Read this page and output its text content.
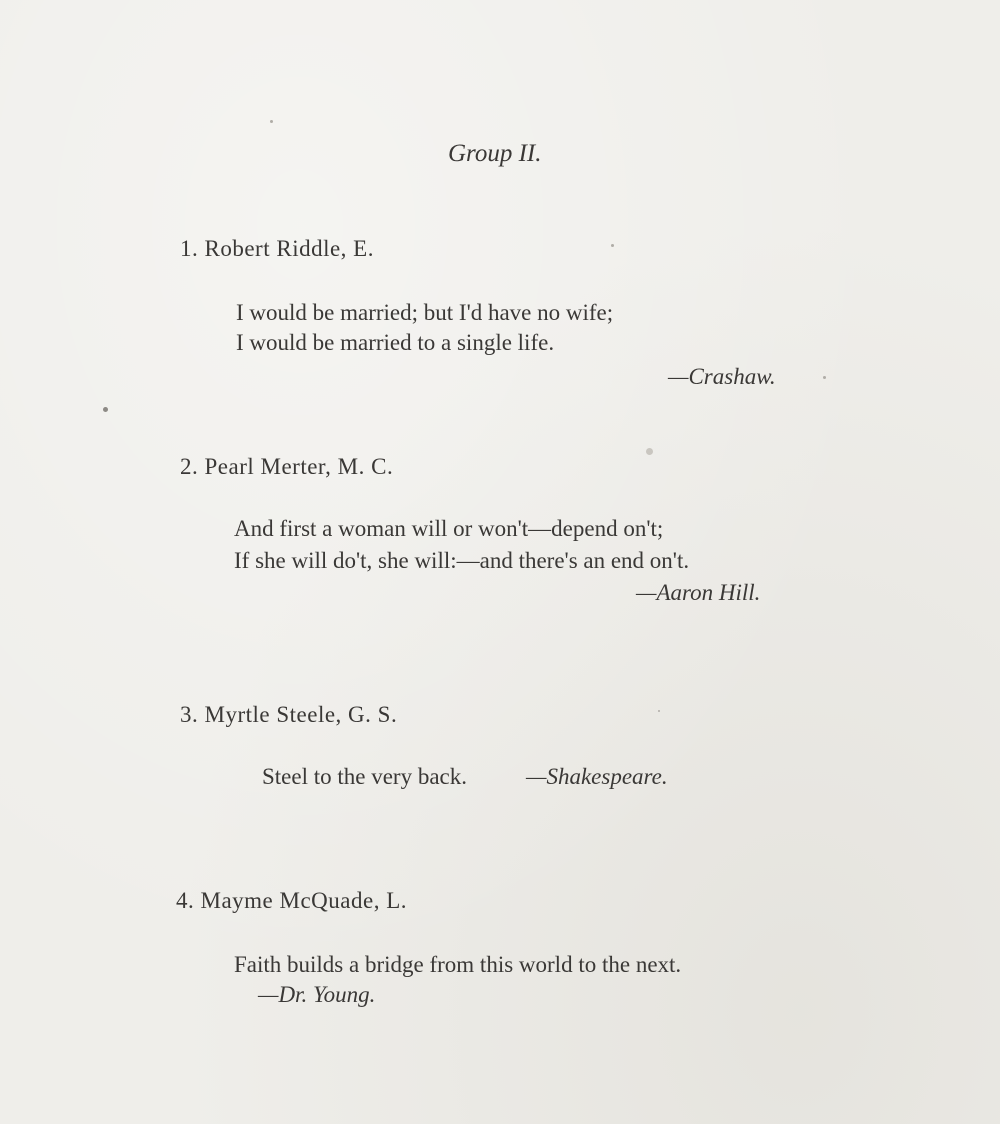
Group II.
1. Robert Riddle, E.
I would be married; but I'd have no wife;
I would be married to a single life.
—Crashaw.
2. Pearl Merter, M. C.
And first a woman will or won't—depend on't;
If she will do't, she will:—and there's an end on't.
—Aaron Hill.
3. Myrtle Steele, G. S.
Steel to the very back.	—Shakespeare.
4. Mayme McQuade, L.
Faith builds a bridge from this world to the next.
—Dr. Young.
